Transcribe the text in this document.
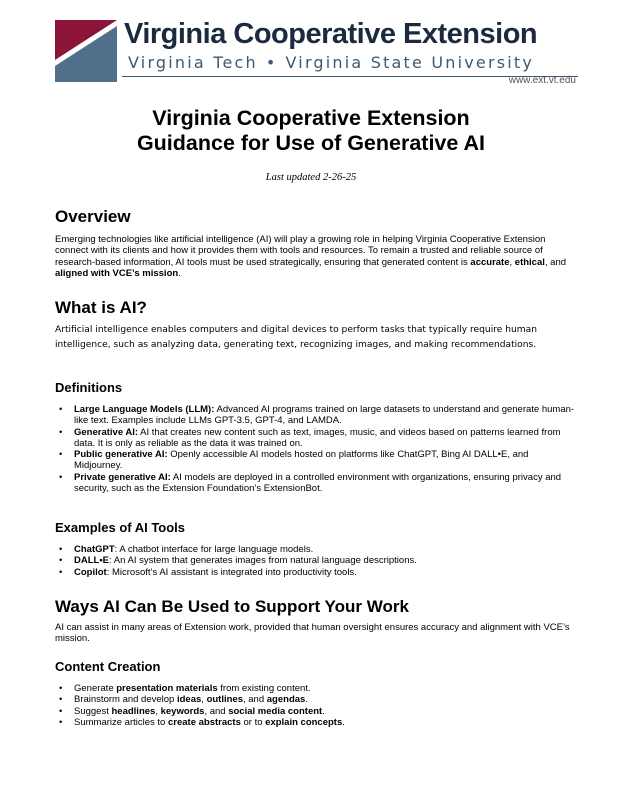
Virginia Cooperative Extension
Virginia Tech • Virginia State University
www.ext.vt.edu
Virginia Cooperative Extension
Guidance for Use of Generative AI
Last updated 2-26-25
Overview
Emerging technologies like artificial intelligence (AI) will play a growing role in helping Virginia Cooperative Extension connect with its clients and how it provides them with tools and resources. To remain a trusted and reliable source of research-based information, AI tools must be used strategically, ensuring that generated content is accurate, ethical, and aligned with VCE’s mission.
What is AI?
Artificial intelligence enables computers and digital devices to perform tasks that typically require human intelligence, such as analyzing data, generating text, recognizing images, and making recommendations.
Definitions
• Large Language Models (LLM): Advanced AI programs trained on large datasets to understand and generate human-like text. Examples include LLMs GPT-3.5, GPT-4, and LAMDA.
• Generative AI: AI that creates new content such as text, images, music, and videos based on patterns learned from data. It is only as reliable as the data it was trained on.
• Public generative AI: Openly accessible AI models hosted on platforms like ChatGPT, Bing AI DALL•E, and Midjourney.
• Private generative AI: AI models are deployed in a controlled environment with organizations, ensuring privacy and security, such as the Extension Foundation’s ExtensionBot.
Examples of AI Tools
• ChatGPT: A chatbot interface for large language models.
• DALL•E: An AI system that generates images from natural language descriptions.
• Copilot: Microsoft’s AI assistant is integrated into productivity tools.
Ways AI Can Be Used to Support Your Work
AI can assist in many areas of Extension work, provided that human oversight ensures accuracy and alignment with VCE’s mission.
Content Creation
• Generate presentation materials from existing content.
• Brainstorm and develop ideas, outlines, and agendas.
• Suggest headlines, keywords, and social media content.
• Summarize articles to create abstracts or to explain concepts.
